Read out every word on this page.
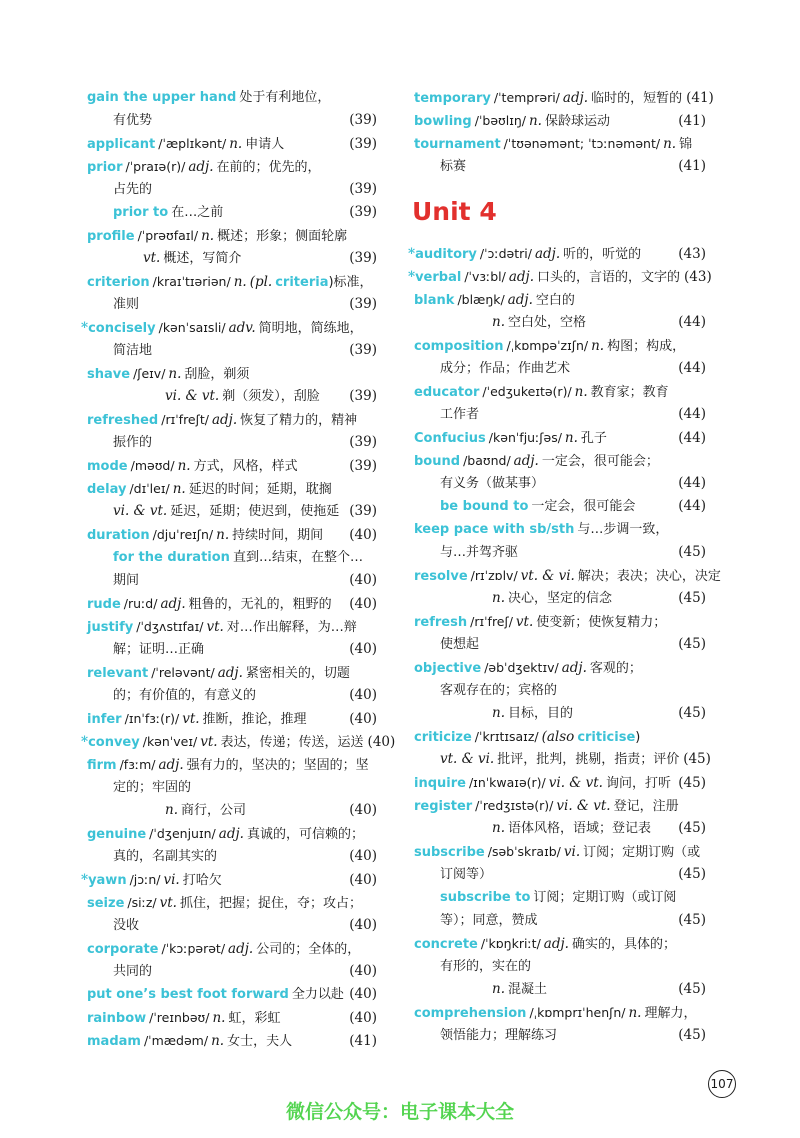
gain the upper hand 处于有利地位，
有优势	(39)
applicant /ˈæplɪkənt/ n. 申请人	(39)
prior /ˈpraɪə(r)/ adj. 在前的；优先的，
占先的	(39)
prior to 在…之前	(39)
profile /ˈprəʊfaɪl/ n. 概述；形象；侧面轮廓
vt. 概述，写简介	(39)
criterion /kraɪˈtɪəriən/ n. (pl. criteria ) 标准，
准则	(39)
* concisely /kənˈsaɪsli/ adv. 简明地，简练地，
简洁地	(39)
shave /ʃeɪv/ n. 刮脸，剃须
vi. & vt. 剃（须发），刮脸 (39)
refreshed /rɪˈfreʃt/ adj. 恢复了精力的，精神
振作的	(39)
mode /məʊd/ n. 方式，风格，样式	(39)
delay /dɪˈleɪ/ n. 延迟的时间；延期，耽搁
vi. & vt. 延迟，延期；使迟到，使拖延 (39)
duration /djuˈreɪʃn/ n. 持续时间，期间 (40)
for the duration 直到…结束，在整个…
期间	(40)
rude /ruːd/ adj. 粗鲁的，无礼的，粗野的 (40)
justify /ˈdʒʌstɪfaɪ/ vt. 对…作出解释，为…辩
解；证明…正确	(40)
relevant /ˈreləvənt/ adj. 紧密相关的，切题
的；有价值的，有意义的	(40)
infer /ɪnˈfɜː(r)/ vt. 推断，推论，推理	(40)
* convey /kənˈveɪ/ vt. 表达，传递；传送，运送 (40)
firm /fɜːm/ adj. 强有力的，坚决的；坚固的；坚
定的；牢固的
n. 商行，公司	(40)
genuine /ˈdʒenjuɪn/ adj. 真诚的，可信赖的；
真的，名副其实的	(40)
* yawn /jɔːn/ vi. 打哈欠	(40)
seize /siːz/ vt. 抓住，把握；捉住，夺；攻占；
没收	(40)
corporate /ˈkɔːpərət/ adj. 公司的；全体的，
共同的	(40)
put one’s best foot forward 全力以赴 (40)
rainbow /ˈreɪnbəʊ/ n. 虹，彩虹	(40)
madam /ˈmædəm/ n. 女士，夫人	(41)
temporary /ˈtemprəri/ adj. 临时的，短暂的 (41)
bowling /ˈbəʊlɪŋ/ n. 保龄球运动	(41)
tournament /ˈtʊənəmənt; ˈtɔːnəmənt/ n. 锦
标赛	(41)
Unit 4
* auditory /ˈɔːdətri/ adj. 听的，听觉的	(43)
* verbal /ˈvɜːbl/ adj. 口头的，言语的，文字的 (43)
blank /blæŋk/ adj. 空白的
n. 空白处，空格	(44)
composition /ˌkɒmpəˈzɪʃn/ n. 构图；构成，
成分；作品；作曲艺术	(44)
educator /ˈedʒukeɪtə(r)/ n. 教育家；教育
工作者	(44)
Confucius /kənˈfjuːʃəs/ n. 孔子	(44)
bound /baʊnd/ adj. 一定会，很可能会；
有义务（做某事）	(44)
be bound to 一定会，很可能会	(44)
keep pace with sb/sth 与…步调一致，
与…并驾齐驱	(45)
resolve /rɪˈzɒlv/ vt. & vi. 解决；表决；决心，决定
n. 决心，坚定的信念	(45)
refresh /rɪˈfreʃ/ vt. 使变新；使恢复精力；
使想起	(45)
objective /əbˈdʒektɪv/ adj. 客观的；
客观存在的；宾格的
n. 目标，目的	(45)
criticize /ˈkrɪtɪsaɪz/ (also criticise )
vt. & vi. 批评，批判，挑剔，指责；评价 (45)
inquire /ɪnˈkwaɪə(r)/ vi. & vt. 询问，打听 (45)
register /ˈredʒɪstə(r)/ vi. & vt. 登记，注册
n. 语体风格，语域；登记表 (45)
subscribe /səbˈskraɪb/ vi. 订阅；定期订购（或
订阅等）	(45)
subscribe to 订阅；定期订购（或订阅
等）；同意，赞成	(45)
concrete /ˈkɒŋkriːt/ adj. 确实的，具体的；
有形的，实在的
n. 混凝土	(45)
comprehension /ˌkɒmprɪˈhenʃn/ n. 理解力，
领悟能力；理解练习	(45)
107
微信公众号：电子课本大全
